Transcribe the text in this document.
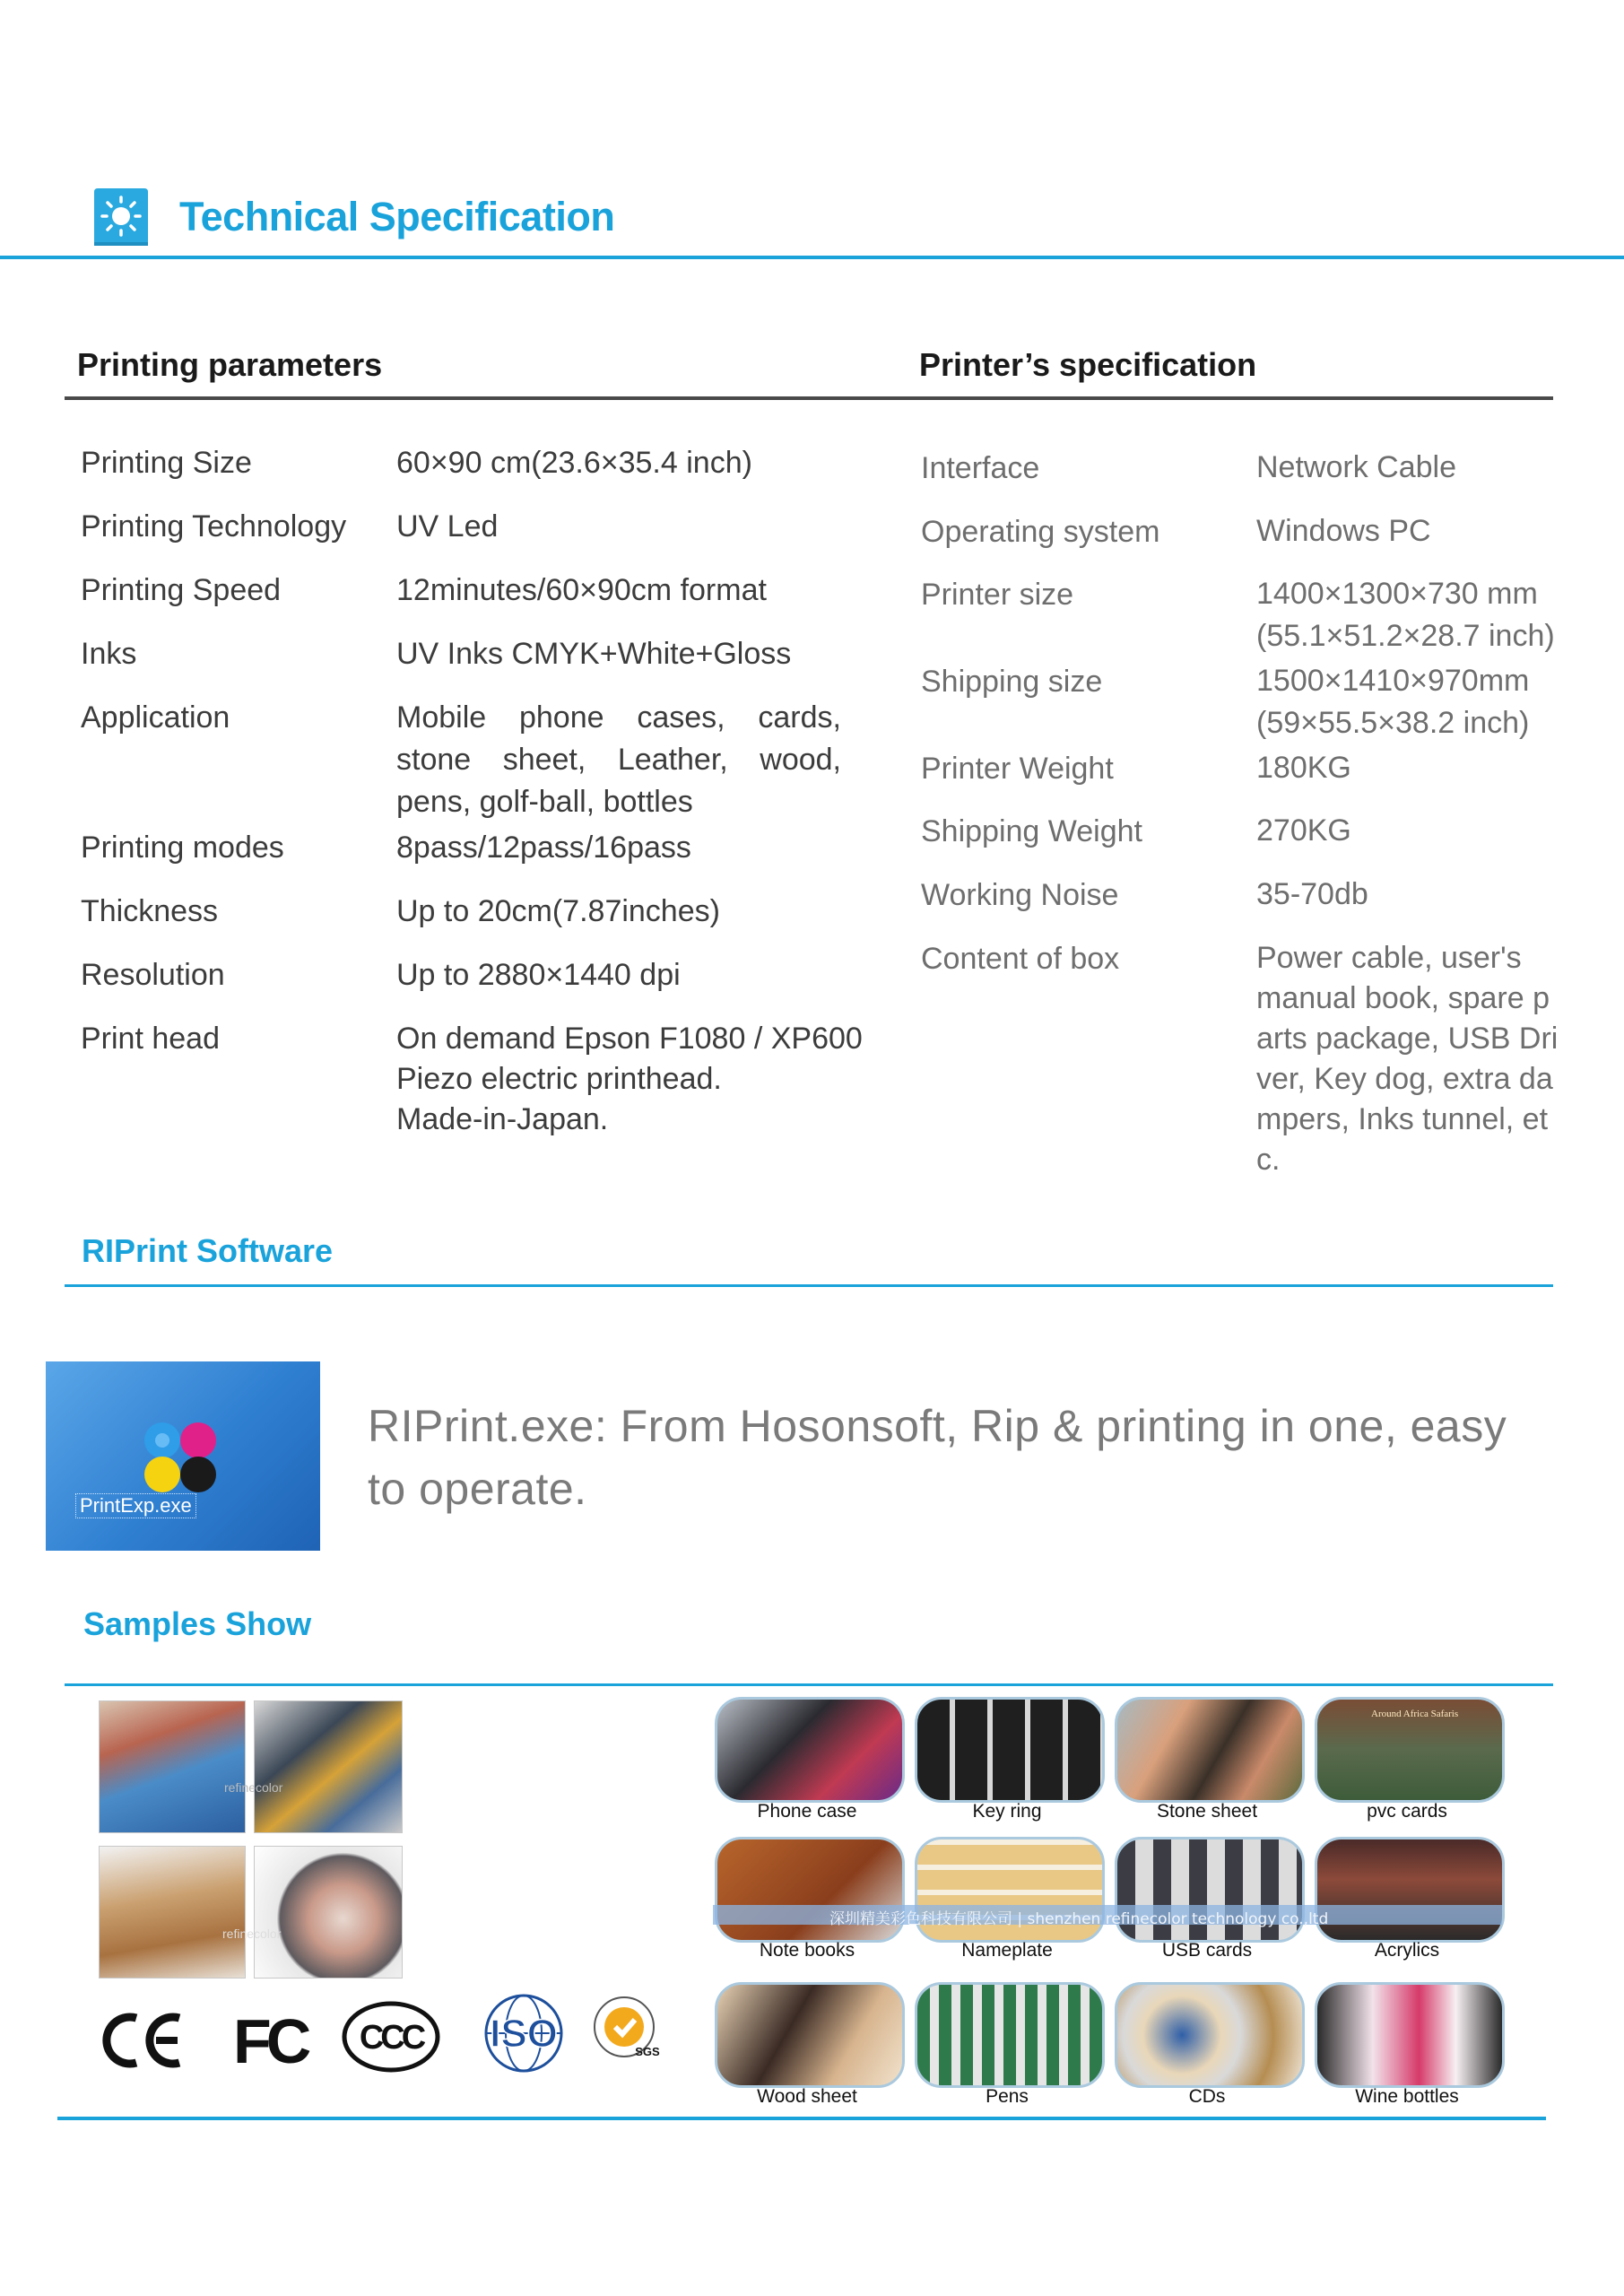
Technical Specification
Printing parameters	Printer’s specification
Printing Size	60×90 cm(23.6×35.4 inch)
Printing Technology UV Led
Printing Speed	12minutes/60×90cm format
Inks	UV Inks CMYK+White+Gloss
Application	Mobile phone cases, cards,
stone sheet, Leather, wood,
pens, golf-ball, bottles
Printing modes	8pass/12pass/16pass
Thickness	Up to 20cm(7.87inches)
Resolution	Up to 2880×1440 dpi
Print head	On demand Epson F1080 / XP600
Piezo electric printhead.
Made-in-Japan.
Interface	Network Cable
Operating system	Windows PC
Printer size	1400×1300×730 mm
(55.1×51.2×28.7 inch)
Shipping size	1500×1410×970mm
(59×55.5×38.2 inch)
Printer Weight	180KG
Shipping Weight	270KG
Working Noise	35-70db
Content of box	Power cable, user's
manual book, spare p
arts package, USB Dri
ver, Key dog, extra da
mpers, Inks tunnel, et
c.
RIPrint Software
PrintExp.exe
RIPrint.exe: From Hosonsoft, Rip & printing in one, easy to operate.
Samples Show
refinecolor
refinecolor
FC CCC ISO	SGS
Around Africa Safaris
Phone case	Key ring	Stone sheet	pvc cards
深圳精美彩色科技有限公司 | shenzhen refinecolor technology co.,ltd
Note books	Nameplate	USB cards	Acrylics
Wood sheet	Pens	CDs	Wine bottles
